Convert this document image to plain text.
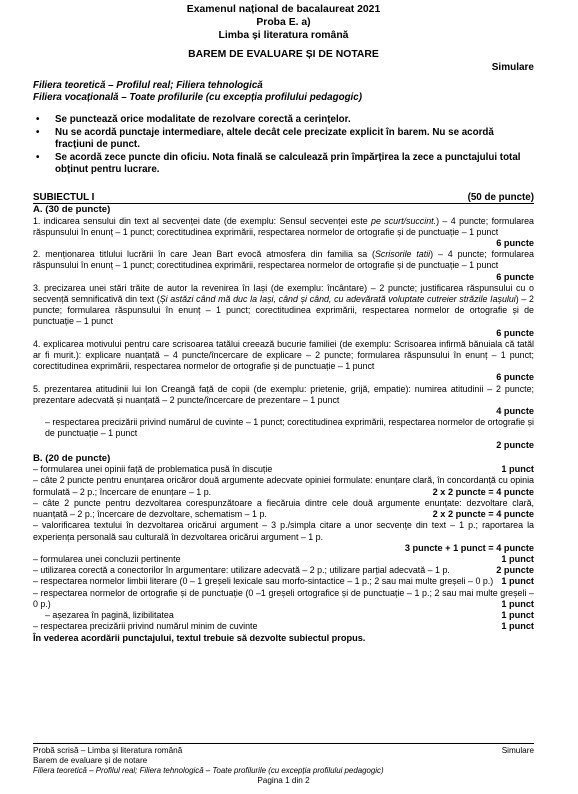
Examenul național de bacalaureat 2021
Proba E. a)
Limba și literatura română
BAREM DE EVALUARE ȘI DE NOTARE
Simulare
Filiera teoretică – Profilul real; Filiera tehnologică
Filiera vocațională – Toate profilurile (cu excepția profilului pedagogic)
• Se punctează orice modalitate de rezolvare corectă a cerințelor.
• Nu se acordă punctaje intermediare, altele decât cele precizate explicit în barem. Nu se acordă fracțiuni de punct.
• Se acordă zece puncte din oficiu. Nota finală se calculează prin împărțirea la zece a punctajului total obținut pentru lucrare.
SUBIECTUL I	(50 de puncte)
A. (30 de puncte)

1. indicarea sensului din text al secvenței date (de exemplu: Sensul secvenței este pe scurt/succint.) – 4 puncte; formularea răspunsului în enunț – 1 punct; corectitudinea exprimării, respectarea normelor de ortografie și de punctuație – 1 punct

6 puncte

2. menționarea titlului lucrării în care Jean Bart evocă atmosfera din familia sa (Scrisorile tatii) – 4 puncte; formularea răspunsului în enunț – 1 punct; corectitudinea exprimării, respectarea normelor de ortografie și de punctuație – 1 punct

6 puncte

3. precizarea unei stări trăite de autor la revenirea în Iași (de exemplu: încântare) – 2 puncte; justificarea răspunsului cu o secvență semnificativă din text (Și astăzi când mă duc la Iași, când și când, cu adevărată voluptate cutreier străzile Iașului) – 2 puncte; formularea răspunsului în enunț – 1 punct; corectitudinea exprimării, respectarea normelor de ortografie și de punctuație – 1 punct

6 puncte

4. explicarea motivului pentru care scrisoarea tatălui creează bucurie familiei (de exemplu: Scrisoarea infirmă bănuiala că tatăl ar fi murit.): explicare nuanțată – 4 puncte/încercare de explicare – 2 puncte; formularea răspunsului în enunț – 1 punct; corectitudinea exprimării, respectarea normelor de ortografie și de punctuație – 1 punct

6 puncte

5. prezentarea atitudinii lui Ion Creangă față de copii (de exemplu: prietenie, grijă, empatie): numirea atitudinii – 2 puncte; prezentare adecvată și nuanțată – 2 puncte/încercare de prezentare – 1 punct

4 puncte

– respectarea precizării privind numărul de cuvinte – 1 punct; corectitudinea exprimării, respectarea normelor de ortografie și de punctuație – 1 punct

2 puncte
B. (20 de puncte)
– formularea unei opinii față de problematica pusă în discuție	1 punct

– câte 2 puncte pentru enunțarea oricăror două argumente adecvate opiniei formulate: enunțare clară, în concordanță cu opinia formulată – 2 p.; încercare de enunțare – 1 p.	2 x 2 puncte = 4 puncte

– câte 2 puncte pentru dezvoltarea corespunzătoare a fiecăruia dintre cele două argumente enunțate: dezvoltare clară, nuanțată – 2 p.; încercare de dezvoltare, schematism – 1 p.	2 x 2 puncte = 4 puncte

– valorificarea textului în dezvoltarea oricărui argument – 3 p./simpla citare a unor secvențe din text – 1 p.; raportarea la experiența personală sau culturală în dezvoltarea oricărui argument – 1 p.

3 puncte + 1 punct = 4 puncte
– formularea unei concluzii pertinente	1 punct

– utilizarea corectă a conectorilor în argumentare: utilizare adecvată – 2 p.; utilizare parțial adecvată – 1 p.	2 puncte

– respectarea normelor limbii literare (0 – 1 greșeli lexicale sau morfo-sintactice – 1 p.; 2 sau mai multe greșeli – 0 p.) 1 punct

– respectarea normelor de ortografie și de punctuație (0 –1 greșeli ortografice și de punctuație – 1 p.; 2 sau mai multe greșeli – 0 p.)	1 punct
– așezarea în pagină, lizibilitatea	1 punct
– respectarea precizării privind numărul minim de cuvinte	1 punct
În vederea acordării punctajului, textul trebuie să dezvolte subiectul propus.
Probă scrisă – Limba și literatura română	Simulare
Barem de evaluare și de notare
Filiera teoretică – Profilul real; Filiera tehnologică – Toate profilurile (cu excepția profilului pedagogic)
Pagina 1 din 2
